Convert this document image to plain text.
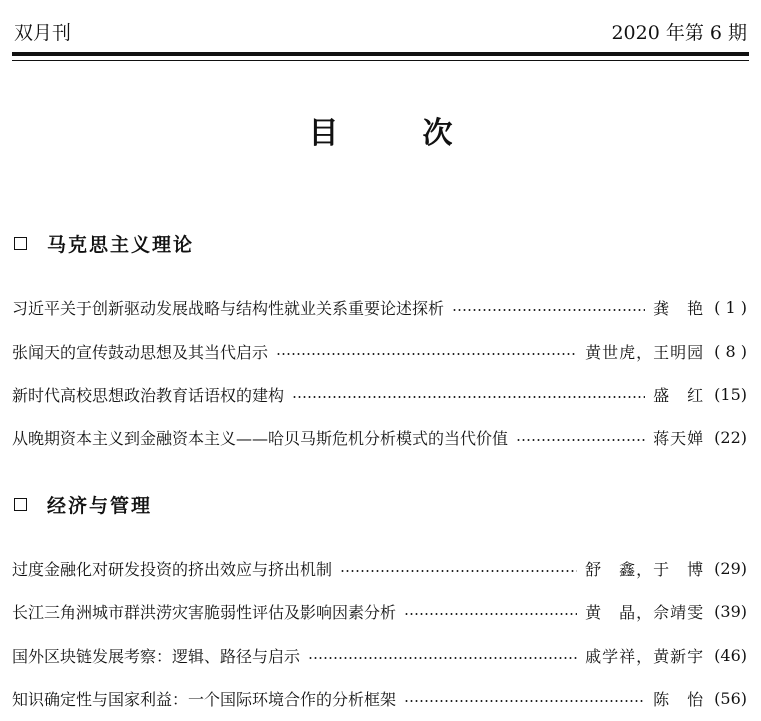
双月刊	2020 年第 6 期
目次
马克思主义理论
习近平关于创新驱动发展战略与结构性就业关系重要论述探析	龚　艳 ( 1 )
张闻天的宣传鼓动思想及其当代启示	黄世虎，王明园 ( 8 )
新时代高校思想政治教育话语权的建构	盛　红 (15)
从晚期资本主义到金融资本主义——哈贝马斯危机分析模式的当代价值	蒋天婵 (22)
经济与管理
过度金融化对研发投资的挤出效应与挤出机制	舒　鑫，于　博 (29)
长江三角洲城市群洪涝灾害脆弱性评估及影响因素分析	黄　晶，佘靖雯 (39)
国外区块链发展考察：逻辑、路径与启示	戚学祥，黄新宇 (46)
知识确定性与国家利益：一个国际环境合作的分析框架	陈　怡 (56)
